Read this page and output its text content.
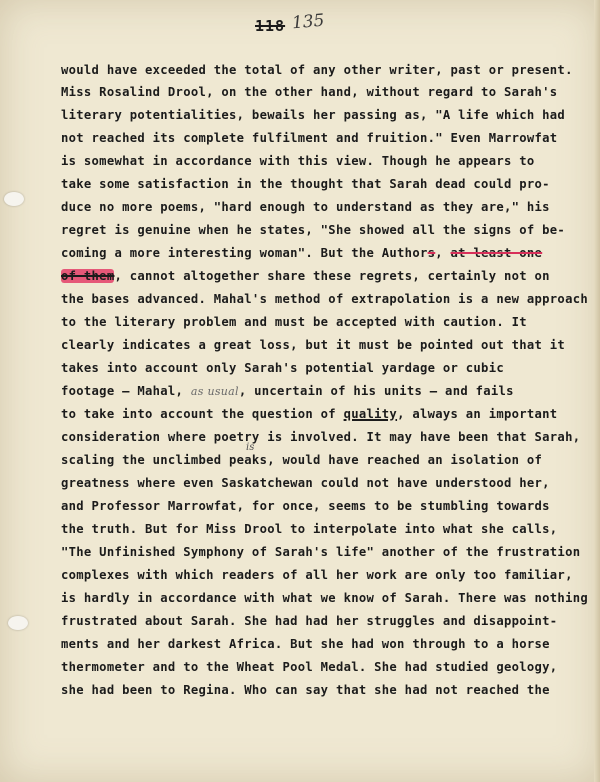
118 135
would have exceeded the total of any other writer, past or present.
Miss Rosalind Drool, on the other hand, without regard to Sarah's
literary potentialities, bewails her passing as, "A life which had
not reached its complete fulfilment and fruition." Even Marrowfat
is somewhat in accordance with this view. Though he appears to
take some satisfaction in the thought that Sarah dead could pro-
duce no more poems, "hard enough to understand as they are," his
regret is genuine when he states, "She showed all the signs of be-
coming a more interesting woman". But the Authors, at least one
of them, cannot altogether share these regrets, certainly not on
the bases advanced. Mahal's method of extrapolation is a new approach
to the literary problem and must be accepted with caution. It
clearly indicates a great loss, but it must be pointed out that it
takes into account only Sarah's potential yardage or cubic
is
footage — Mahal, as usual, uncertain of his units — and fails
to take into account the question of quality, always an important
consideration where poetry is involved. It may have been that Sarah,
scaling the unclimbed peaks, would have reached an isolation of
greatness where even Saskatchewan could not have understood her,
and Professor Marrowfat, for once, seems to be stumbling towards
the truth. But for Miss Drool to interpolate into what she calls,
"The Unfinished Symphony of Sarah's life" another of the frustration
complexes with which readers of all her work are only too familiar,
is hardly in accordance with what we know of Sarah. There was nothing
frustrated about Sarah. She had had her struggles and disappoint-
ments and her darkest Africa. But she had won through to a horse
thermometer and to the Wheat Pool Medal. She had studied geology,
she had been to Regina. Who can say that she had not reached the
